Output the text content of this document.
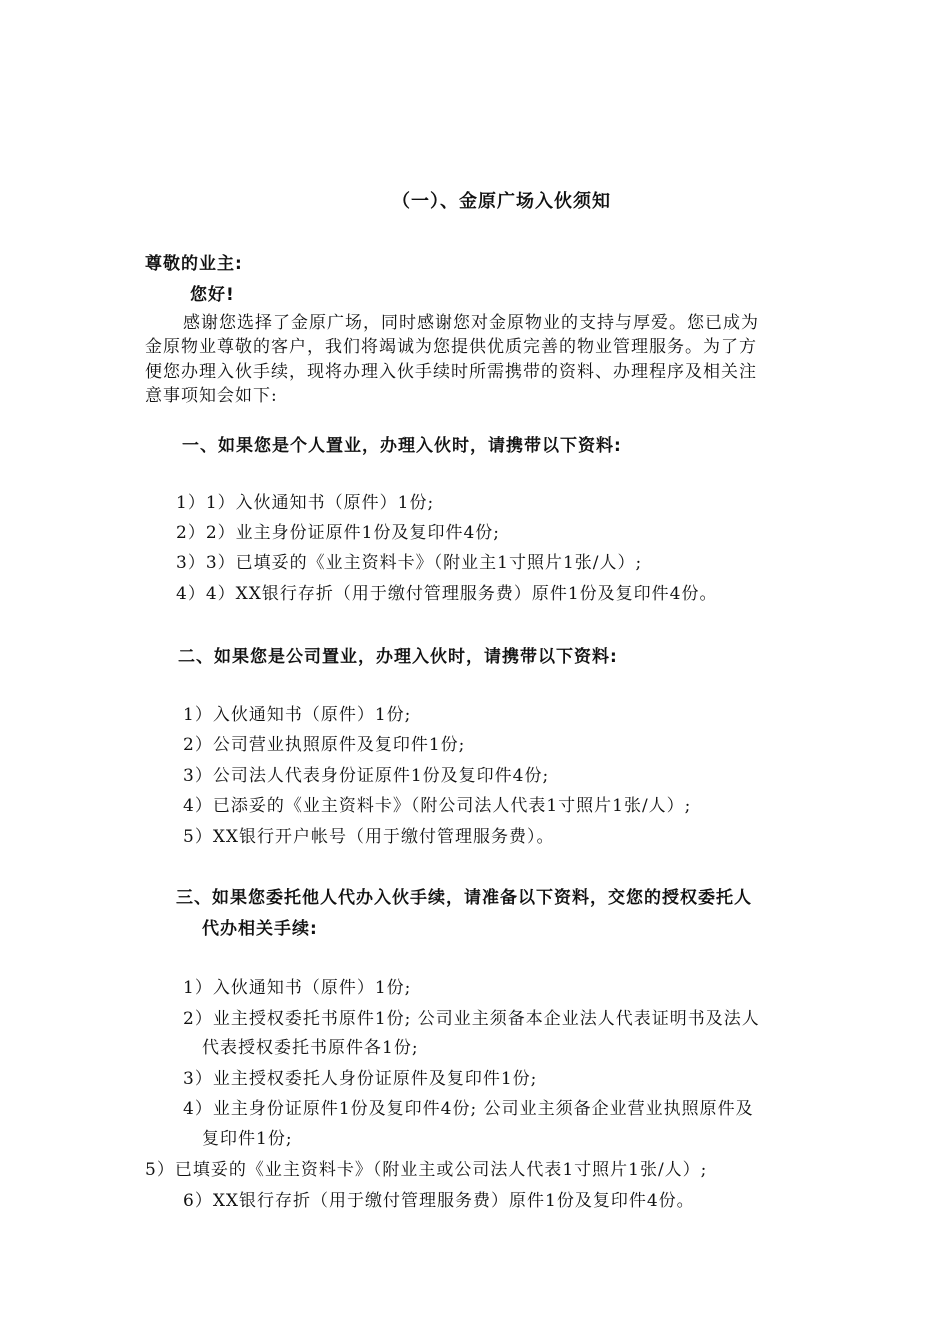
（一）、金原广场入伙须知
尊敬的业主:
您好!
感谢您选择了金原广场，同时感谢您对金原物业的支持与厚爱。您已成为
金原物业尊敬的客户，我们将竭诚为您提供优质完善的物业管理服务。为了方
便您办理入伙手续，现将办理入伙手续时所需携带的资料、办理程序及相关注
意事项知会如下:
一、如果您是个人置业，办理入伙时，请携带以下资料:
1）1）入伙通知书（原件）1份;
2）2）业主身份证原件1份及复印件4份;
3）3）已填妥的《业主资料卡》（附业主1寸照片1张/人）;
4）4）XX银行存折（用于缴付管理服务费）原件1份及复印件4份。
二、如果您是公司置业，办理入伙时，请携带以下资料:
1）入伙通知书（原件）1份;
2）公司营业执照原件及复印件1份;
3）公司法人代表身份证原件1份及复印件4份;
4）已添妥的《业主资料卡》（附公司法人代表1寸照片1张/人）;
5）XX银行开户帐号（用于缴付管理服务费）。
三、如果您委托他人代办入伙手续，请准备以下资料，交您的授权委托人
代办相关手续:
1）入伙通知书（原件）1份;
2）业主授权委托书原件1份; 公司业主须备本企业法人代表证明书及法人
代表授权委托书原件各1份;
3）业主授权委托人身份证原件及复印件1份;
4）业主身份证原件1份及复印件4份; 公司业主须备企业营业执照原件及
复印件1份;
5）已填妥的《业主资料卡》（附业主或公司法人代表1寸照片1张/人）;
6）XX银行存折（用于缴付管理服务费）原件1份及复印件4份。
